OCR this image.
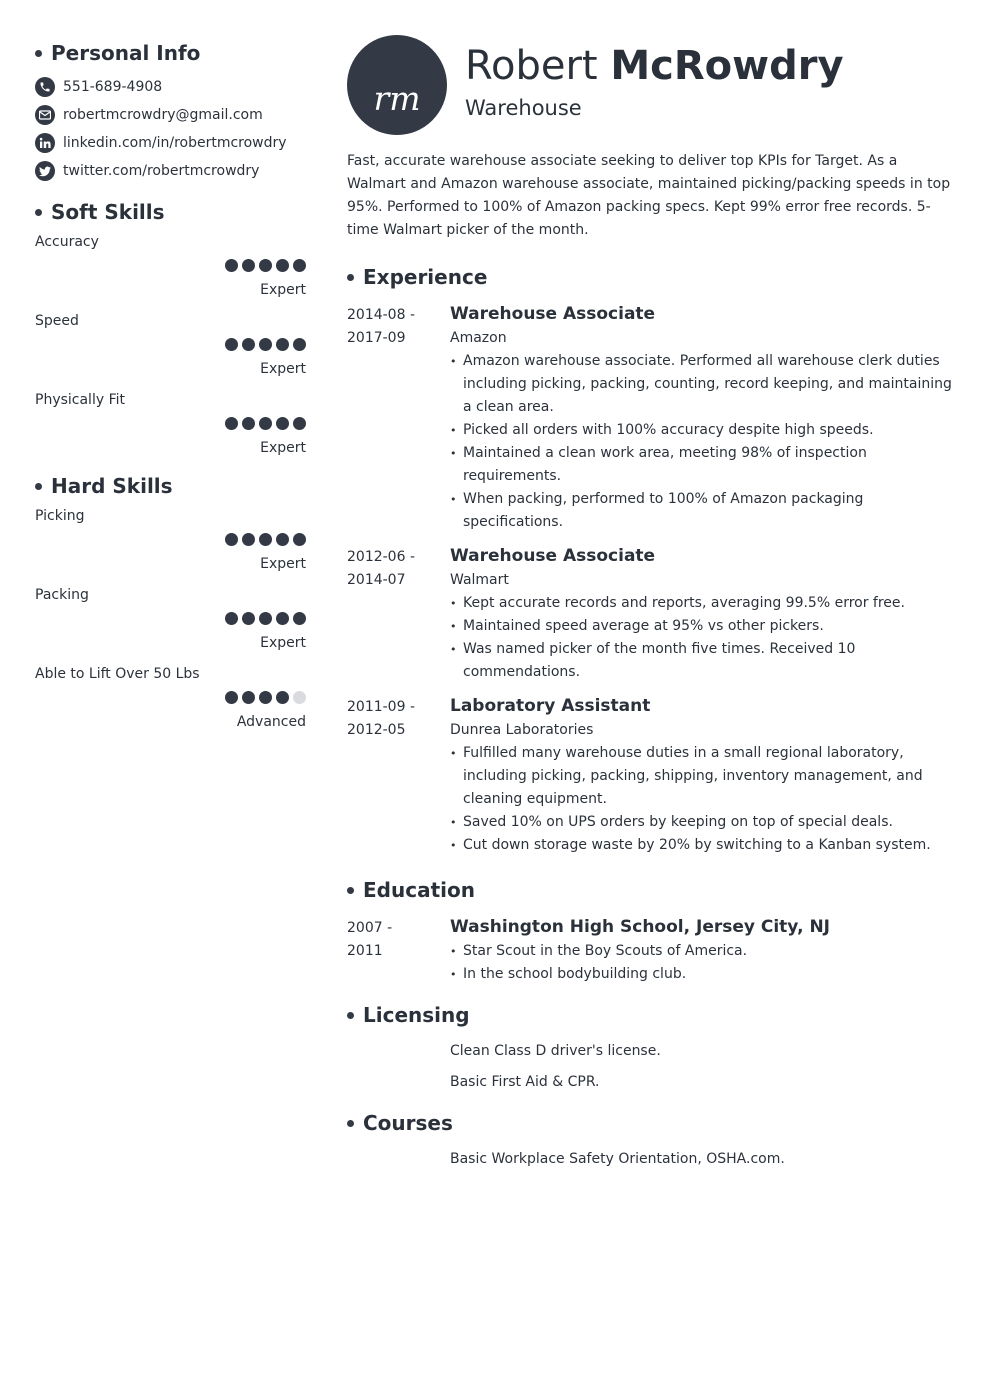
Personal Info
551-689-4908
robertmcrowdry@gmail.com
linkedin.com/in/robertmcrowdry
twitter.com/robertmcrowdry
Soft Skills
Accuracy
Expert
Speed
Expert
Physically Fit
Expert
Hard Skills
Picking
Expert
Packing
Expert
Able to Lift Over 50 Lbs
Advanced
rm
Robert McRowdry
Warehouse
Fast, accurate warehouse associate seeking to deliver top KPIs for Target. As a Walmart and Amazon warehouse associate, maintained picking/packing speeds in top 95%. Performed to 100% of Amazon packing specs. Kept 99% error free records. 5-time Walmart picker of the month.
Experience
2014-08 -
2017-09
Warehouse Associate
Amazon
• Amazon warehouse associate. Performed all warehouse clerk duties including picking, packing, counting, record keeping, and maintaining a clean area.
• Picked all orders with 100% accuracy despite high speeds.
• Maintained a clean work area, meeting 98% of inspection requirements.
• When packing, performed to 100% of Amazon packaging specifications.
2012-06 -
2014-07
Warehouse Associate
Walmart
• Kept accurate records and reports, averaging 99.5% error free.
• Maintained speed average at 95% vs other pickers.
• Was named picker of the month five times. Received 10 commendations.
2011-09 -
2012-05
Laboratory Assistant
Dunrea Laboratories
• Fulfilled many warehouse duties in a small regional laboratory, including picking, packing, shipping, inventory management, and cleaning equipment.
• Saved 10% on UPS orders by keeping on top of special deals.
• Cut down storage waste by 20% by switching to a Kanban system.
Education
2007 -
2011
Washington High School, Jersey City, NJ
• Star Scout in the Boy Scouts of America.
• In the school bodybuilding club.
Licensing
Clean Class D driver's license.
Basic First Aid & CPR.
Courses
Basic Workplace Safety Orientation, OSHA.com.
